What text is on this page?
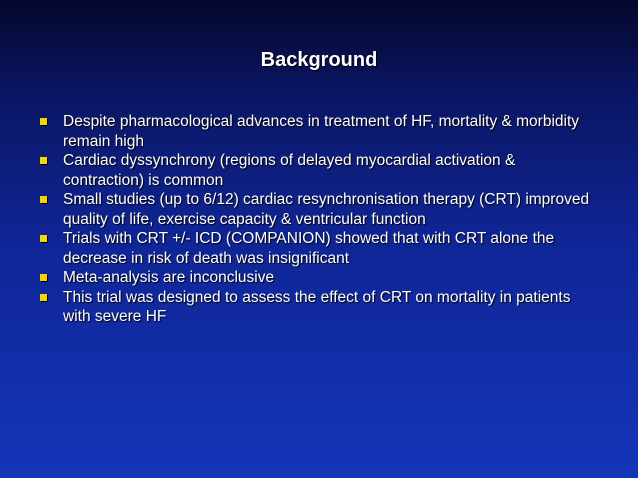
Background
Despite pharmacological advances in treatment of HF, mortality & morbidity remain high
Cardiac dyssynchrony (regions of delayed myocardial activation & contraction) is common
Small studies (up to 6/12) cardiac resynchronisation therapy (CRT) improved quality of life, exercise capacity & ventricular function
Trials with CRT +/- ICD (COMPANION) showed that with CRT alone the decrease in risk of death was insignificant
Meta-analysis are inconclusive
This trial was designed to assess the effect of CRT on mortality in patients with severe HF
